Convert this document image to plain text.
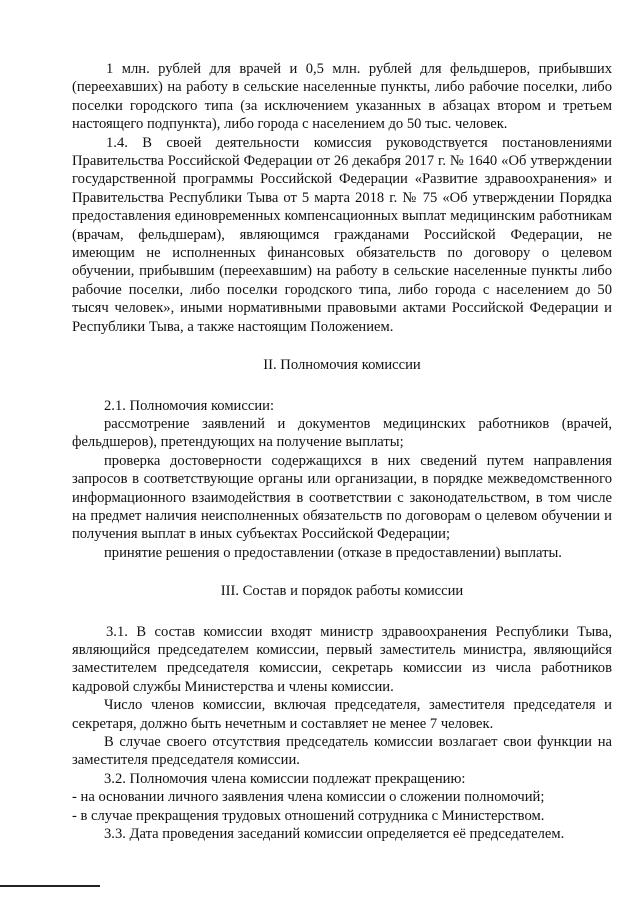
1 млн. рублей для врачей и 0,5 млн. рублей для фельдшеров, прибывших (переехавших) на работу в сельские населенные пункты, либо рабочие поселки, либо поселки городского типа (за исключением указанных в абзацах втором и третьем настоящего подпункта), либо города с населением до 50 тыс. человек.

1.4. В своей деятельности комиссия руководствуется постановлениями Правительства Российской Федерации от 26 декабря 2017 г. № 1640 «Об утверждении государственной программы Российской Федерации «Развитие здравоохранения» и Правительства Республики Тыва от 5 марта 2018 г. № 75 «Об утверждении Порядка предоставления единовременных компенсационных выплат медицинским работникам (врачам, фельдшерам), являющимся гражданами Российской Федерации, не имеющим не исполненных финансовых обязательств по договору о целевом обучении, прибывшим (переехавшим) на работу в сельские населенные пункты либо рабочие поселки, либо поселки городского типа, либо города с населением до 50 тысяч человек», иными нормативными правовыми актами Российской Федерации и Республики Тыва, а также настоящим Положением.

II. Полномочия комиссии

2.1. Полномочия комиссии:

рассмотрение заявлений и документов медицинских работников (врачей, фельдшеров), претендующих на получение выплаты;

проверка достоверности содержащихся в них сведений путем направления запросов в соответствующие органы или организации, в порядке межведомственного информационного взаимодействия в соответствии с законодательством, в том числе на предмет наличия неисполненных обязательств по договорам о целевом обучении и получения выплат в иных субъектах Российской Федерации;

принятие решения о предоставлении (отказе в предоставлении) выплаты.

III. Состав и порядок работы комиссии

3.1. В состав комиссии входят министр здравоохранения Республики Тыва, являющийся председателем комиссии, первый заместитель министра, являющийся заместителем председателя комиссии, секретарь комиссии из числа работников кадровой службы Министерства и члены комиссии.

Число членов комиссии, включая председателя, заместителя председателя и секретаря, должно быть нечетным и составляет не менее 7 человек.

В случае своего отсутствия председатель комиссии возлагает свои функции на заместителя председателя комиссии.

3.2. Полномочия члена комиссии подлежат прекращению:

- на основании личного заявления члена комиссии о сложении полномочий;

- в случае прекращения трудовых отношений сотрудника с Министерством.

3.3. Дата проведения заседаний комиссии определяется её председателем.
